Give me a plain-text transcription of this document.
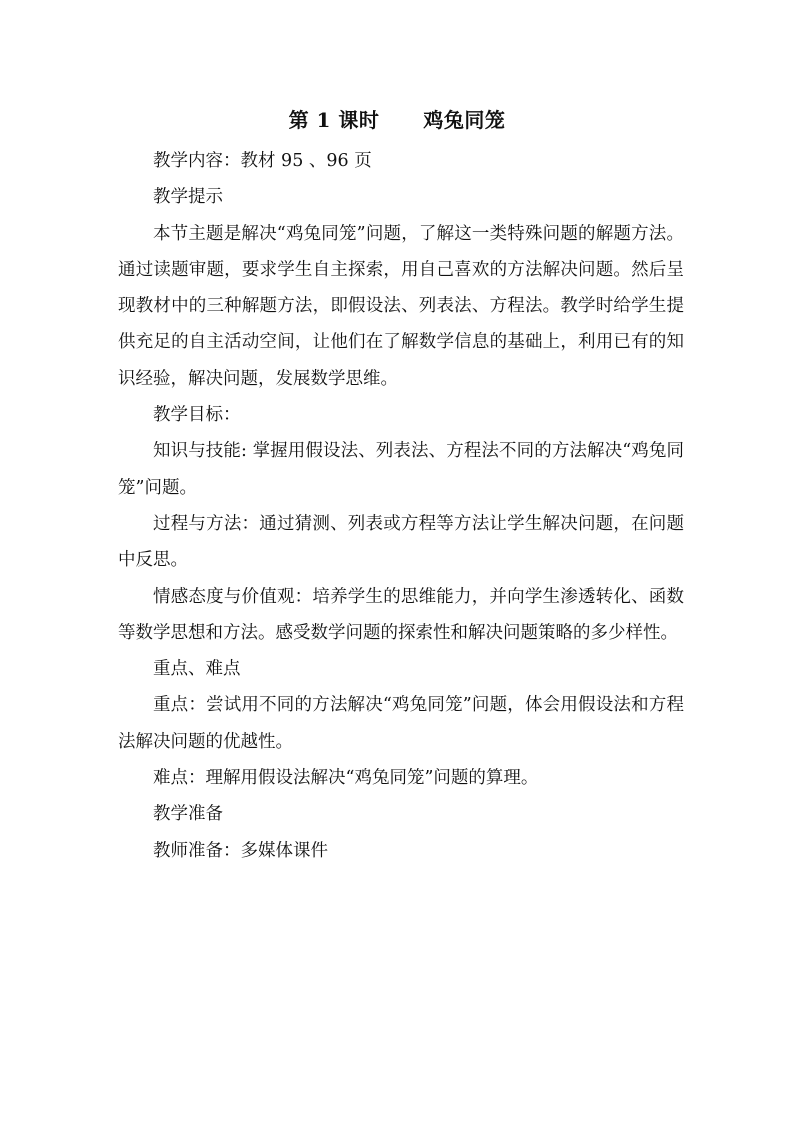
第 1 课时 鸡兔同笼

教学内容：教材 95 、96 页

教学提示

本节主题是解决“鸡兔同笼”问题，了解这一类特殊问题的解题方法。通过读题审题，要求学生自主探索，用自己喜欢的方法解决问题。然后呈现教材中的三种解题方法，即假设法、列表法、方程法。教学时给学生提供充足的自主活动空间，让他们在了解数学信息的基础上，利用已有的知识经验，解决问题，发展数学思维。

教学目标：

知识与技能: 掌握用假设法、列表法、方程法不同的方法解决“鸡兔同笼”问题。

过程与方法：通过猜测、列表或方程等方法让学生解决问题，在问题中反思。

情感态度与价值观：培养学生的思维能力，并向学生渗透转化、函数等数学思想和方法。感受数学问题的探索性和解决问题策略的多少样性。

重点、难点

重点：尝试用不同的方法解决“鸡兔同笼”问题，体会用假设法和方程法解决问题的优越性。

难点：理解用假设法解决“鸡兔同笼”问题的算理。

教学准备

教师准备：多媒体课件
